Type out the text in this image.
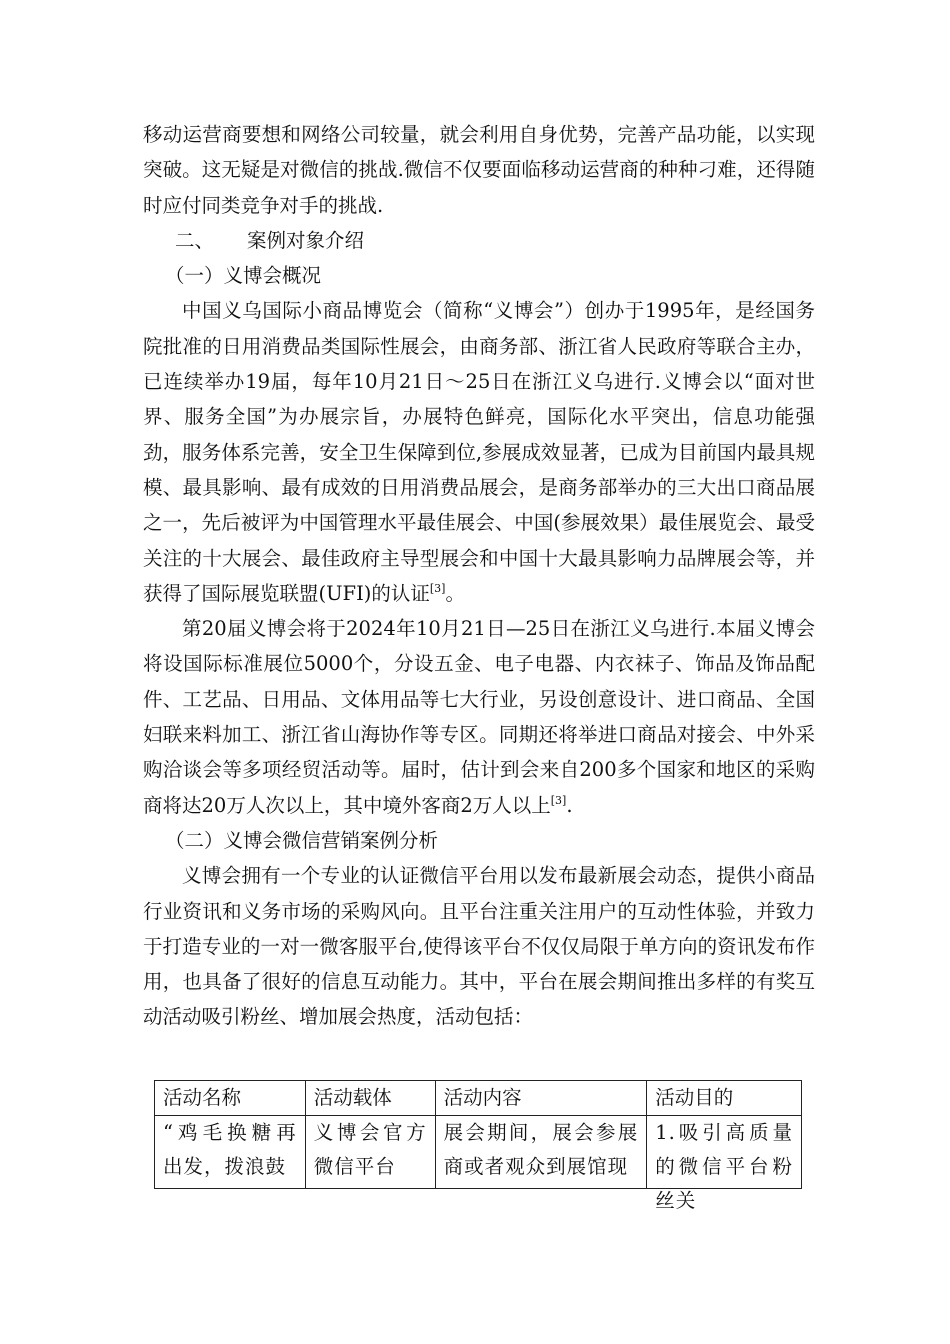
移动运营商要想和网络公司较量，就会利用自身优势，完善产品功能，以实现突破。这无疑是对微信的挑战.微信不仅要面临移动运营商的种种刁难，还得随时应付同类竞争对手的挑战.

二、 案例对象介绍

（一）义博会概况

中国义乌国际小商品博览会（简称“义博会”）创办于1995年，是经国务院批准的日用消费品类国际性展会，由商务部、浙江省人民政府等联合主办，已连续举办19届，每年10月21日～25日在浙江义乌进行.义博会以“面对世界、服务全国”为办展宗旨，办展特色鲜亮，国际化水平突出，信息功能强劲，服务体系完善，安全卫生保障到位,参展成效显著，已成为目前国内最具规模、最具影响、最有成效的日用消费品展会，是商务部举办的三大出口商品展之一，先后被评为中国管理水平最佳展会、中国(参展效果）最佳展览会、最受关注的十大展会、最佳政府主导型展会和中国十大最具影响力品牌展会等，并获得了国际展览联盟(UFI)的认证[3]。

第20届义博会将于2024年10月21日—25日在浙江义乌进行.本届义博会将设国际标准展位5000个，分设五金、电子电器、内衣袜子、饰品及饰品配件、工艺品、日用品、文体用品等七大行业，另设创意设计、进口商品、全国妇联来料加工、浙江省山海协作等专区。同期还将举进口商品对接会、中外采购洽谈会等多项经贸活动等。届时，估计到会来自200多个国家和地区的采购商将达20万人次以上，其中境外客商2万人以上[3].

（二）义博会微信营销案例分析

义博会拥有一个专业的认证微信平台用以发布最新展会动态，提供小商品行业资讯和义务市场的采购风向。且平台注重关注用户的互动性体验，并致力于打造专业的一对一微客服平台,使得该平台不仅仅局限于单方向的资讯发布作用，也具备了很好的信息互动能力。其中，平台在展会期间推出多样的有奖互动活动吸引粉丝、增加展会热度，活动包括：

活动名称	活动载体	活动内容	活动目的

“鸡毛换糖再出发，拨浪鼓	义博会官方微信平台	展会期间，展会参展商或者观众到展馆现	1.吸引高质量的微信平台粉丝关
